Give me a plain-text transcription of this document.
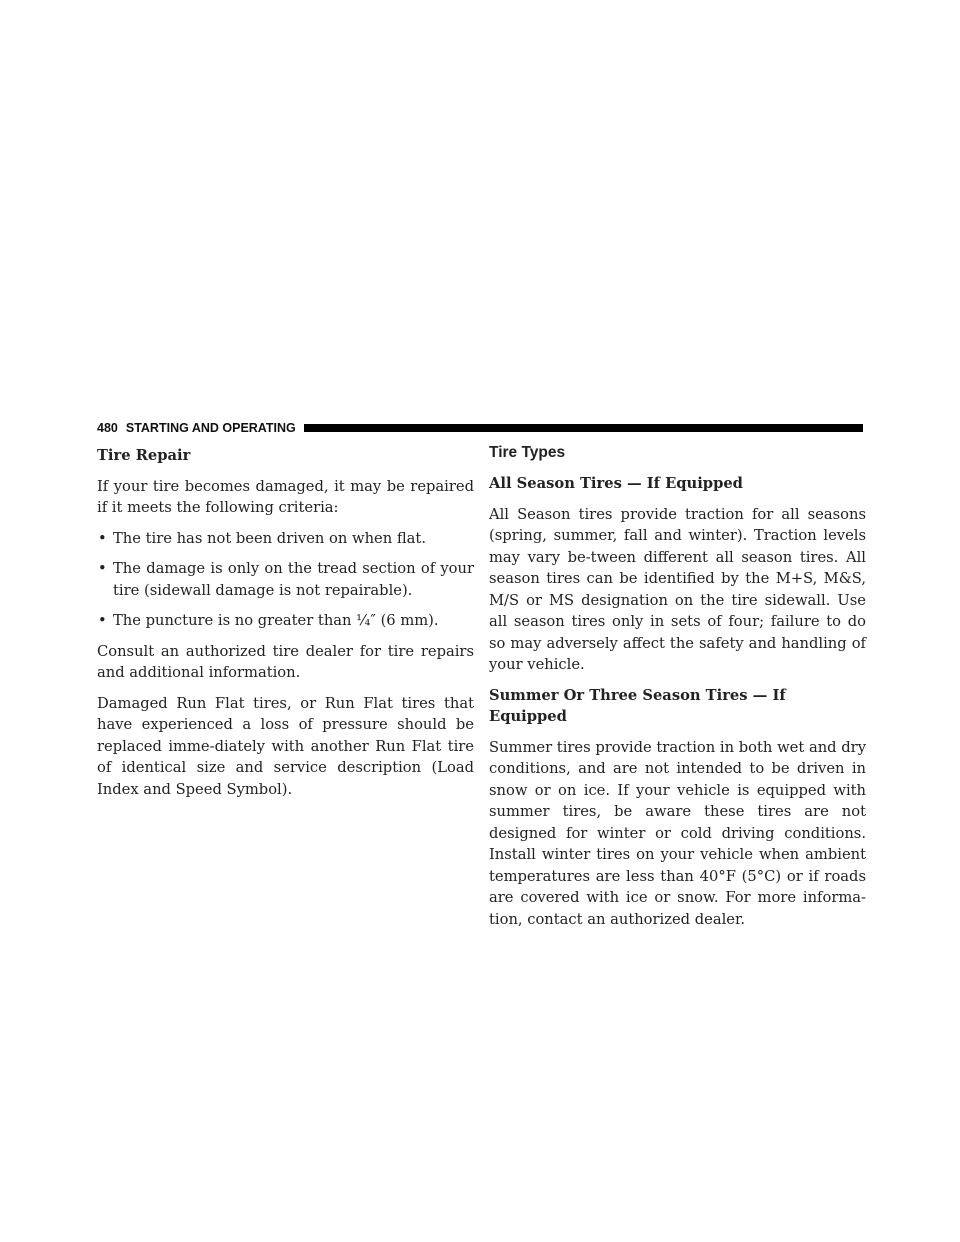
480 STARTING AND OPERATING
Tire Repair

If your tire becomes damaged, it may be repaired if it meets the following criteria:

• The tire has not been driven on when flat.
• The damage is only on the tread section of your tire (sidewall damage is not repairable).
• The puncture is no greater than ¼″ (6 mm).

Consult an authorized tire dealer for tire repairs and additional information.

Damaged Run Flat tires, or Run Flat tires that have experienced a loss of pressure should be replaced imme-diately with another Run Flat tire of identical size and service description (Load Index and Speed Symbol).

Tire Types
All Season Tires — If Equipped

All Season tires provide traction for all seasons (spring, summer, fall and winter). Traction levels may vary be-tween different all season tires. All season tires can be identified by the M+S, M&S, M/S or MS designation on the tire sidewall. Use all season tires only in sets of four; failure to do so may adversely affect the safety and handling of your vehicle.

Summer Or Three Season Tires — If Equipped

Summer tires provide traction in both wet and dry conditions, and are not intended to be driven in snow or on ice. If your vehicle is equipped with summer tires, be aware these tires are not designed for winter or cold driving conditions. Install winter tires on your vehicle when ambient temperatures are less than 40°F (5°C) or if roads are covered with ice or snow. For more informa-tion, contact an authorized dealer.
